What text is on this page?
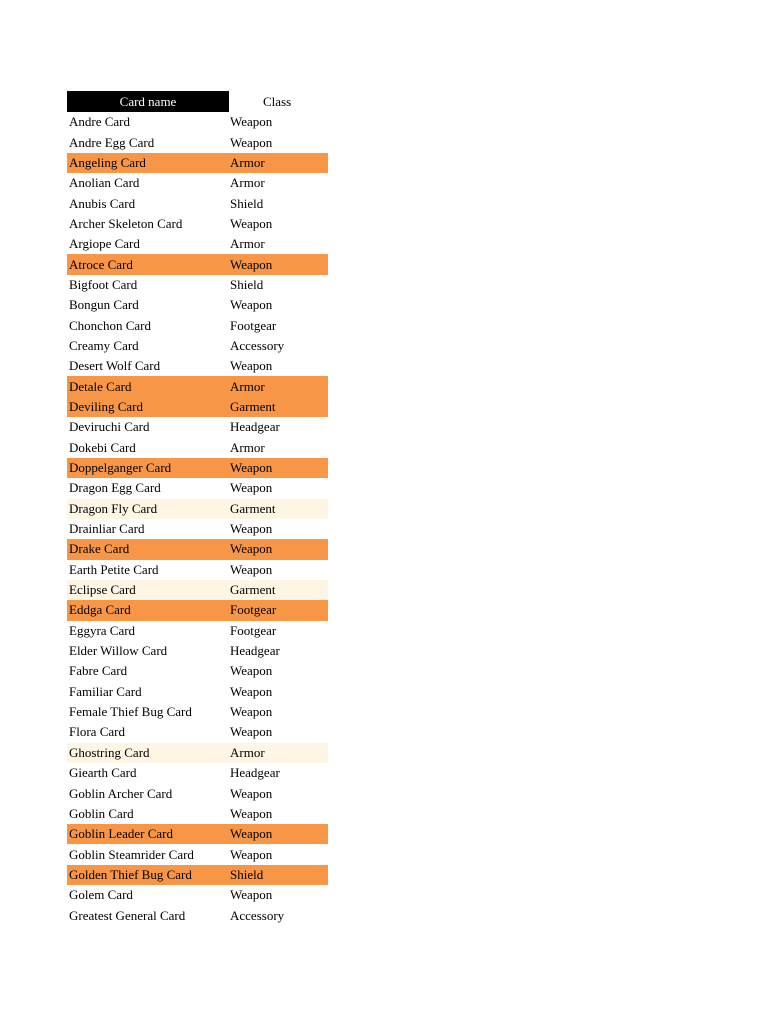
Card name	Class
Andre Card	Weapon
Andre Egg Card	Weapon
Angeling Card	Armor
Anolian Card	Armor
Anubis Card	Shield
Archer Skeleton Card	Weapon
Argiope Card	Armor
Atroce Card	Weapon
Bigfoot Card	Shield
Bongun Card	Weapon
Chonchon Card	Footgear
Creamy Card	Accessory
Desert Wolf Card	Weapon
Detale Card	Armor
Deviling Card	Garment
Deviruchi Card	Headgear
Dokebi Card	Armor
Doppelganger Card	Weapon
Dragon Egg Card	Weapon
Dragon Fly Card	Garment
Drainliar Card	Weapon
Drake Card	Weapon
Earth Petite Card	Weapon
Eclipse Card	Garment
Eddga Card	Footgear
Eggyra Card	Footgear
Elder Willow Card	Headgear
Fabre Card	Weapon
Familiar Card	Weapon
Female Thief Bug Card	Weapon
Flora Card	Weapon
Ghostring Card	Armor
Giearth Card	Headgear
Goblin Archer Card	Weapon
Goblin Card	Weapon
Goblin Leader Card	Weapon
Goblin Steamrider Card	Weapon
Golden Thief Bug Card	Shield
Golem Card	Weapon
Greatest General Card	Accessory
